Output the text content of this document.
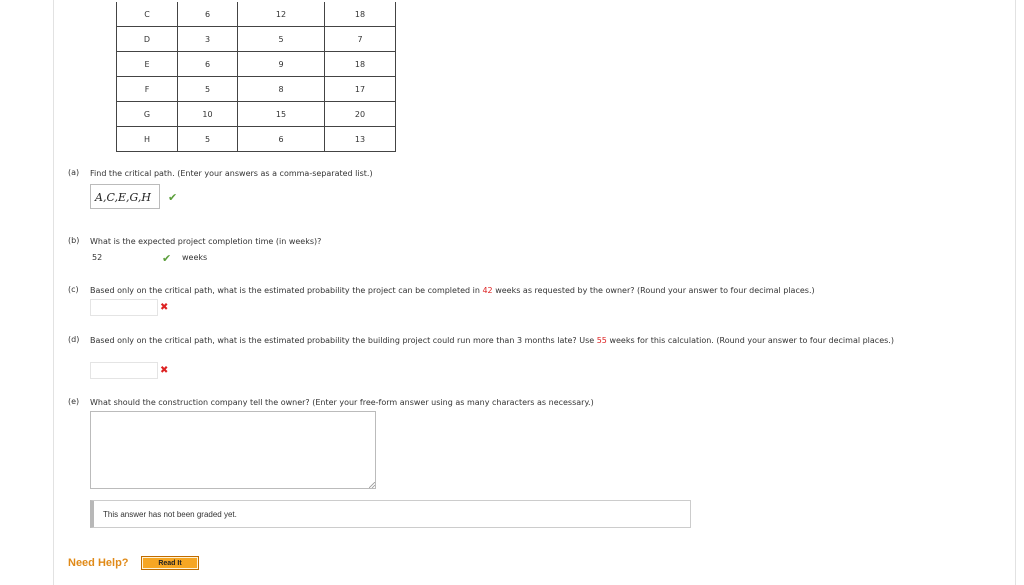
C	6	12	18
D	3	5	7
E	6	9	18
F	5	8	17
G	10	15	20
H	5	6	13
(a) Find the critical path. (Enter your answers as a comma-separated list.)
A,C,E,G,H	✔
(b) What is the expected project completion time (in weeks)?
52	✔ weeks
(c) Based only on the critical path, what is the estimated probability the project can be completed in 42 weeks as requested by the owner? (Round your answer to four decimal places.)
✖
(d) Based only on the critical path, what is the estimated probability the building project could run more than 3 months late? Use 55 weeks for this calculation. (Round your answer to four decimal places.)
✖
(e) What should the construction company tell the owner? (Enter your free-form answer using as many characters as necessary.)
This answer has not been graded yet.
Need Help?	Read It
